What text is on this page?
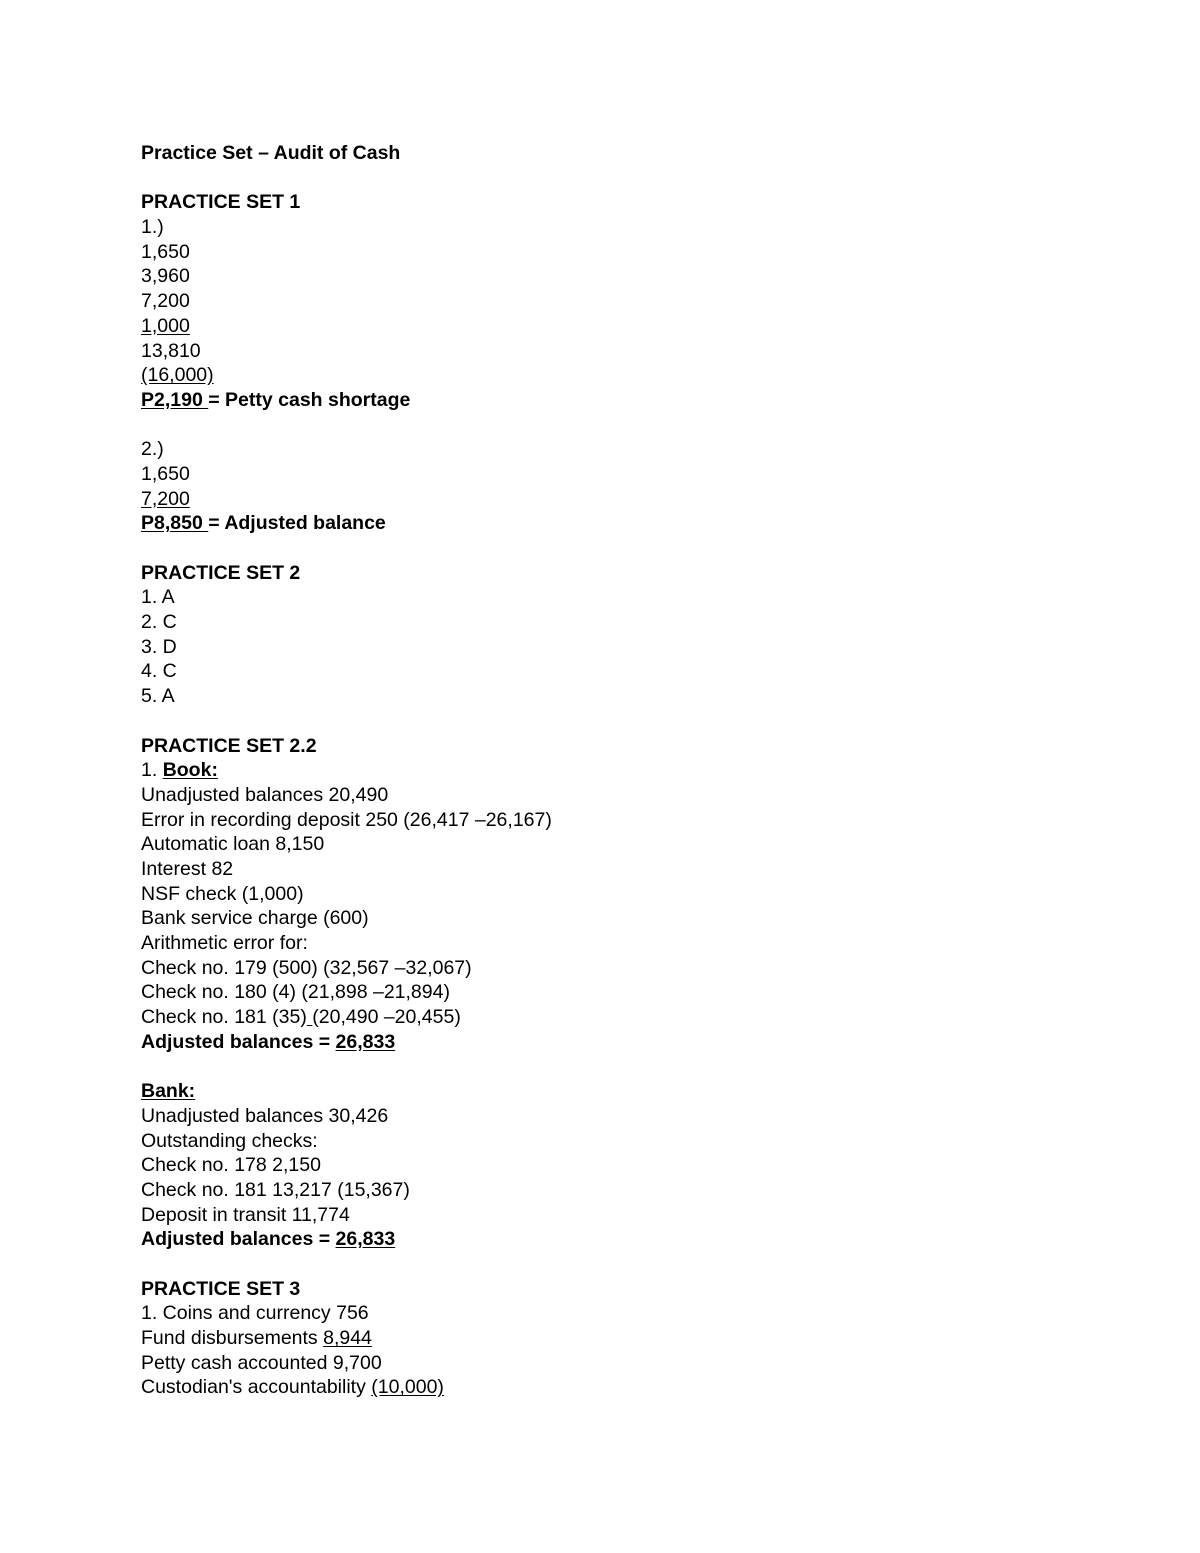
Practice Set – Audit of Cash
PRACTICE SET 1
1.)
1,650
3,960
7,200
1,000
13,810
(16,000)
P2,190 = Petty cash shortage
2.)
1,650
7,200
P8,850 = Adjusted balance
PRACTICE SET 2
1. A
2. C
3. D
4. C
5. A
PRACTICE SET 2.2
1. Book:
Unadjusted balances 20,490
Error in recording deposit 250 (26,417 –26,167)
Automatic loan 8,150
Interest 82
NSF check (1,000)
Bank service charge (600)
Arithmetic error for:
Check no. 179 (500) (32,567 –32,067)
Check no. 180 (4) (21,898 –21,894)
Check no. 181 (35) (20,490 –20,455)
Adjusted balances = 26,833
Bank:
Unadjusted balances 30,426
Outstanding checks:
Check no. 178 2,150
Check no. 181 13,217 (15,367)
Deposit in transit 11,774
Adjusted balances = 26,833
PRACTICE SET 3
1. Coins and currency 756
Fund disbursements 8,944
Petty cash accounted 9,700
Custodian's accountability (10,000)
